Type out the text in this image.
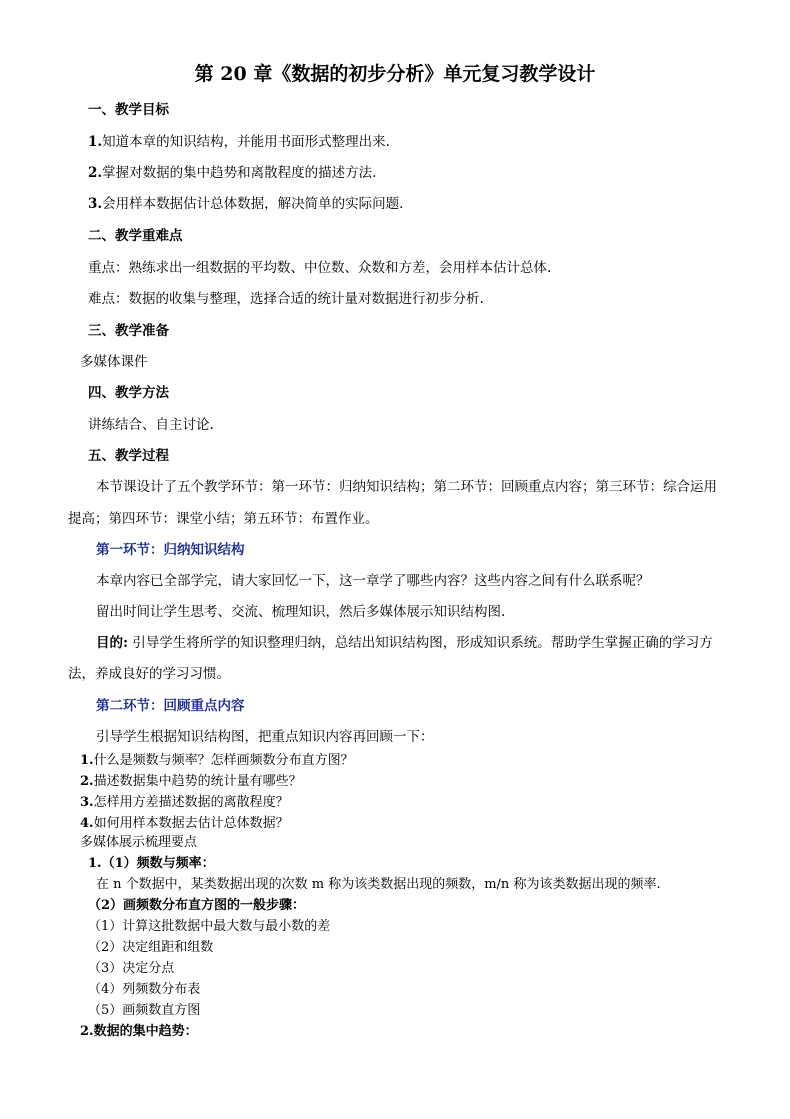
第 20 章《数据的初步分析》单元复习教学设计
一、教学目标
1.知道本章的知识结构，并能用书面形式整理出来.
2.掌握对数据的集中趋势和离散程度的描述方法.
3.会用样本数据估计总体数据，解决简单的实际问题.
二、教学重难点
重点：熟练求出一组数据的平均数、中位数、众数和方差，会用样本估计总体.
难点：数据的收集与整理，选择合适的统计量对数据进行初步分析.
三、教学准备
多媒体课件
四、教学方法
讲练结合、自主讨论.
五、教学过程
本节课设计了五个教学环节：第一环节：归纳知识结构；第二环节：回顾重点内容；第三环节：综合运用
提高；第四环节：课堂小结；第五环节：布置作业。
第一环节：归纳知识结构
本章内容已全部学完，请大家回忆一下，这一章学了哪些内容？这些内容之间有什么联系呢？
留出时间让学生思考、交流、梳理知识，然后多媒体展示知识结构图.
目的: 引导学生将所学的知识整理归纳，总结出知识结构图，形成知识系统。帮助学生掌握正确的学习方
法，养成良好的学习习惯。
第二环节：回顾重点内容
引导学生根据知识结构图，把重点知识内容再回顾一下：
1.什么是频数与频率？怎样画频数分布直方图？
2.描述数据集中趋势的统计量有哪些？
3.怎样用方差描述数据的离散程度？
4.如何用样本数据去估计总体数据？
多媒体展示梳理要点
1.（1）频数与频率：
在 n 个数据中，某类数据出现的次数 m 称为该类数据出现的频数，m/n 称为该类数据出现的频率.
（2）画频数分布直方图的一般步骤：
（1）计算这批数据中最大数与最小数的差
（2）决定组距和组数
（3）决定分点
（4）列频数分布表
（5）画频数直方图
2.数据的集中趋势：
